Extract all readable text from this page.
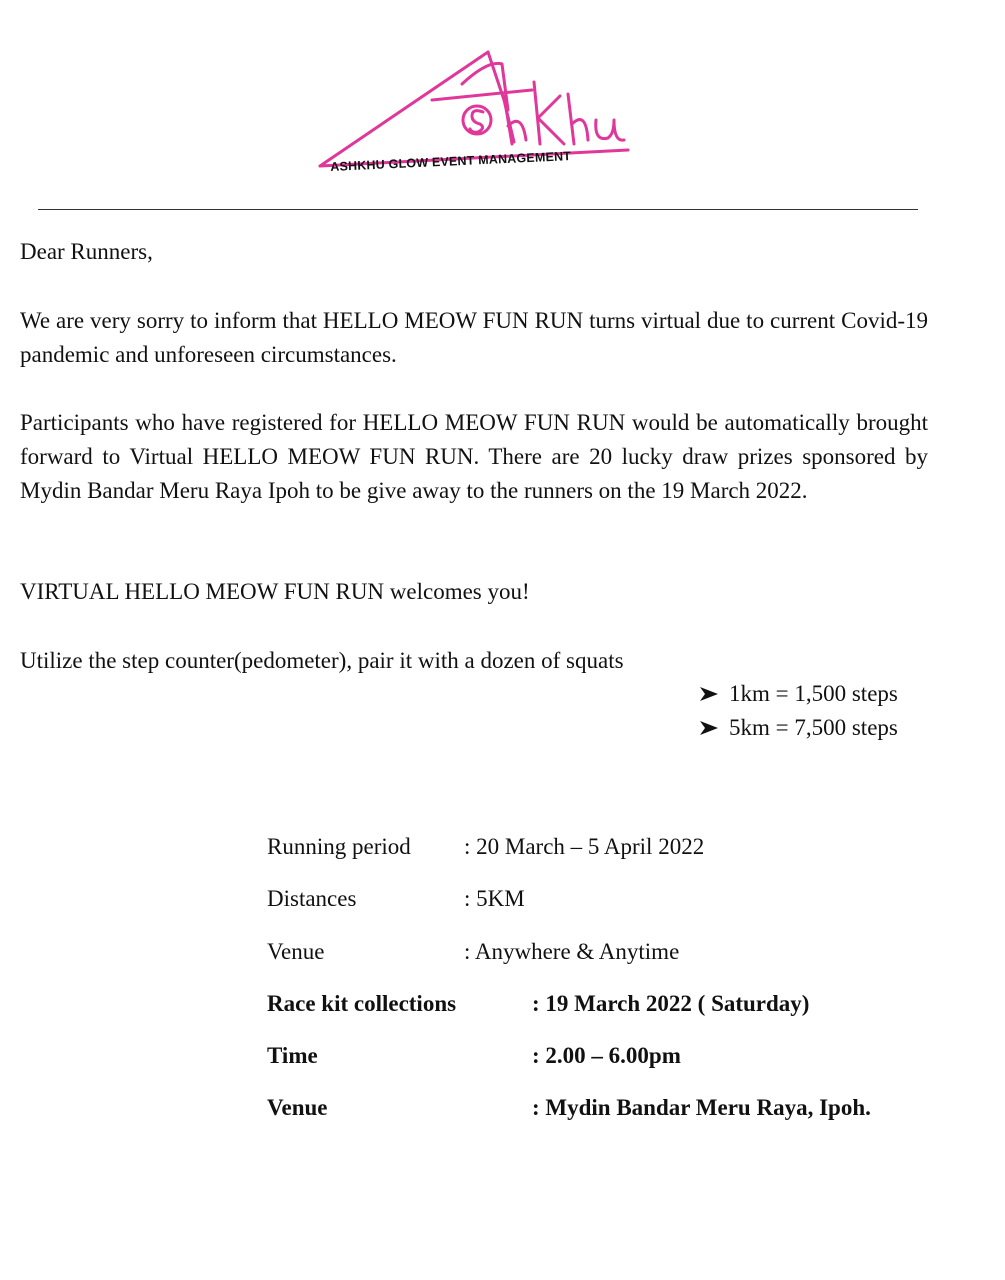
ASHKHU GLOW EVENT MANAGEMENT

Dear Runners,

We are very sorry to inform that HELLO MEOW FUN RUN turns virtual due to current Covid-19 pandemic and unforeseen circumstances.

Participants who have registered for HELLO MEOW FUN RUN would be automatically brought forward to Virtual HELLO MEOW FUN RUN. There are 20 lucky draw prizes sponsored by Mydin Bandar Meru Raya Ipoh to be give away to the runners on the 19 March 2022.

VIRTUAL HELLO MEOW FUN RUN welcomes you!

Utilize the step counter(pedometer), pair it with a dozen of squats

1km = 1,500 steps
5km = 7,500 steps
Running period : 20 March – 5 April 2022
Distances	: 5KM
Venue	: Anywhere & Anytime
Race kit collections	: 19 March 2022 ( Saturday)
Time	: 2.00 – 6.00pm
Venue	: Mydin Bandar Meru Raya, Ipoh.
